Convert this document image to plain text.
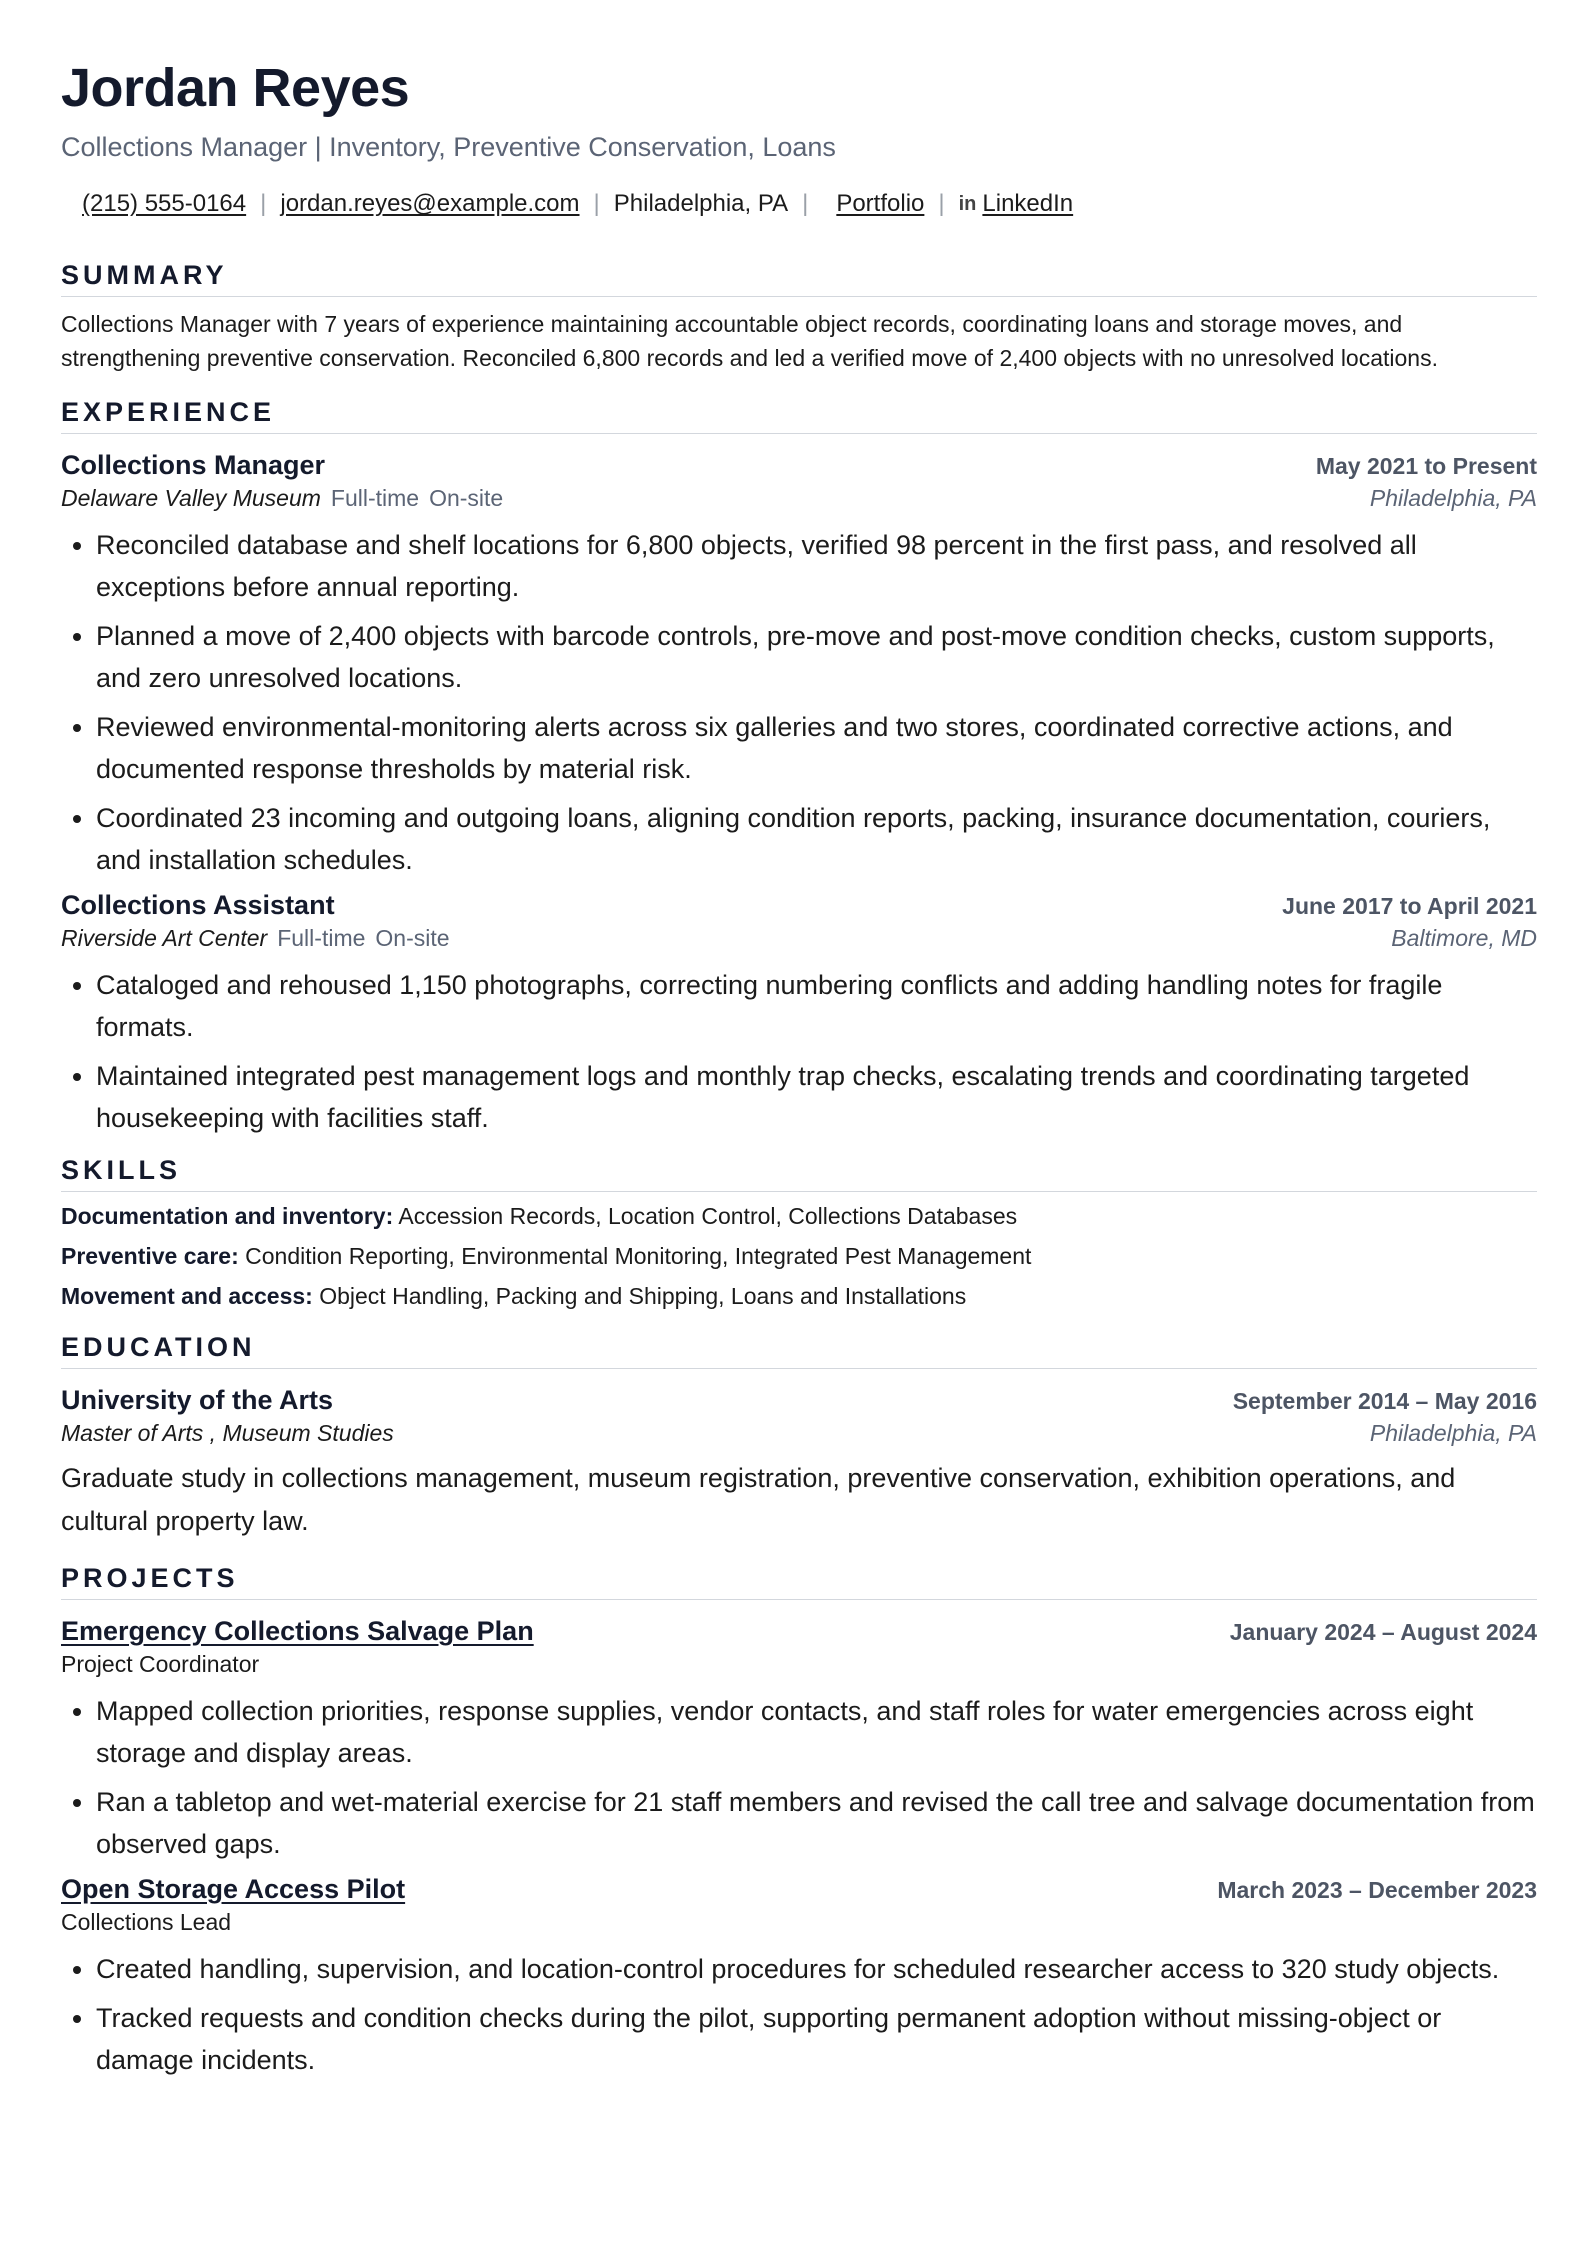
Jordan Reyes
Collections Manager | Inventory, Preventive Conservation, Loans
(215) 555-0164 | jordan.reyes@example.com | Philadelphia, PA | Portfolio | in LinkedIn
SUMMARY
Collections Manager with 7 years of experience maintaining accountable object records, coordinating loans and storage moves, and strengthening preventive conservation. Reconciled 6,800 records and led a verified move of 2,400 objects with no unresolved locations.
EXPERIENCE
Collections Manager	May 2021 to Present
Delaware Valley Museum Full-time On-site	Philadelphia, PA
• Reconciled database and shelf locations for 6,800 objects, verified 98 percent in the first pass, and resolved all exceptions before annual reporting.
• Planned a move of 2,400 objects with barcode controls, pre-move and post-move condition checks, custom supports, and zero unresolved locations.
• Reviewed environmental-monitoring alerts across six galleries and two stores, coordinated corrective actions, and documented response thresholds by material risk.
• Coordinated 23 incoming and outgoing loans, aligning condition reports, packing, insurance documentation, couriers, and installation schedules.
Collections Assistant	June 2017 to April 2021
Riverside Art Center Full-time On-site	Baltimore, MD
• Cataloged and rehoused 1,150 photographs, correcting numbering conflicts and adding handling notes for fragile formats.
• Maintained integrated pest management logs and monthly trap checks, escalating trends and coordinating targeted housekeeping with facilities staff.
SKILLS
Documentation and inventory: Accession Records, Location Control, Collections Databases
Preventive care: Condition Reporting, Environmental Monitoring, Integrated Pest Management
Movement and access: Object Handling, Packing and Shipping, Loans and Installations
EDUCATION
University of the Arts	September 2014 – May 2016
Master of Arts , Museum Studies	Philadelphia, PA
Graduate study in collections management, museum registration, preventive conservation, exhibition operations, and cultural property law.
PROJECTS
Emergency Collections Salvage Plan	January 2024 – August 2024
Project Coordinator
• Mapped collection priorities, response supplies, vendor contacts, and staff roles for water emergencies across eight storage and display areas.
• Ran a tabletop and wet-material exercise for 21 staff members and revised the call tree and salvage documentation from observed gaps.
Open Storage Access Pilot	March 2023 – December 2023
Collections Lead
• Created handling, supervision, and location-control procedures for scheduled researcher access to 320 study objects.
• Tracked requests and condition checks during the pilot, supporting permanent adoption without missing-object or damage incidents.
